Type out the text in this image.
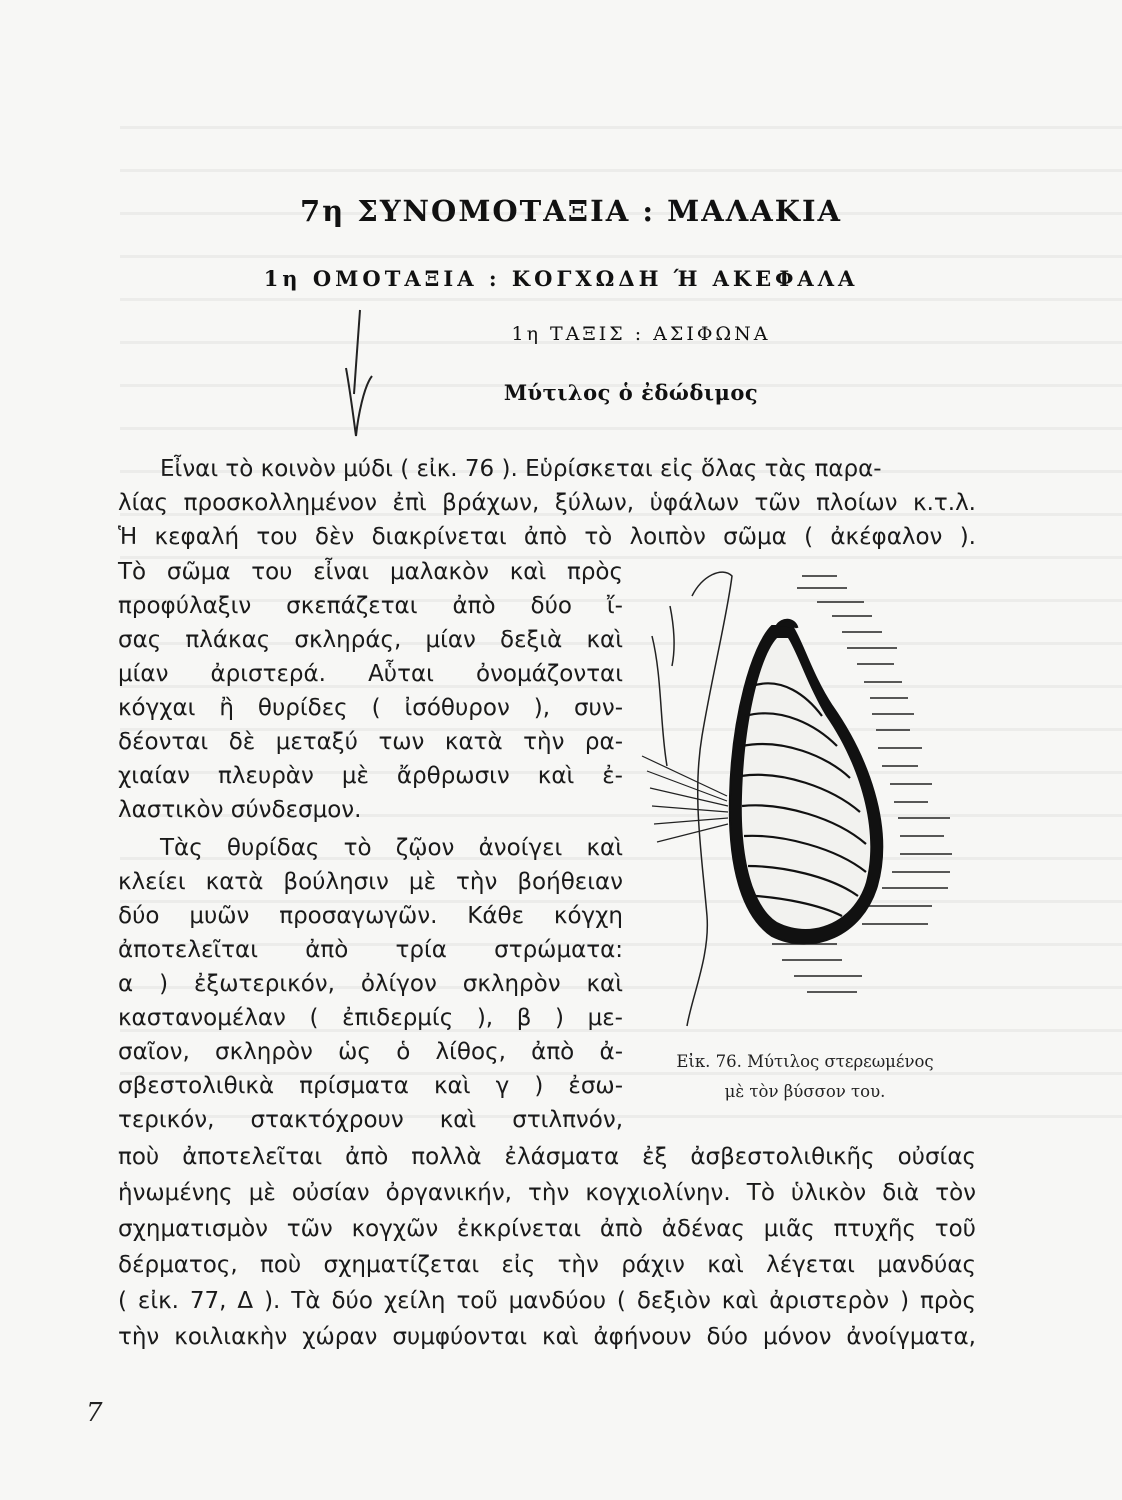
7η ΣΥΝΟΜΟΤΑΞΙΑ : ΜΑΛΑΚΙΑ
1η ΟΜΟΤΑΞΙΑ : ΚΟΓΧΩΔΗ Ή ΑΚΕΦΑΛΑ
1η ΤΑΞΙΣ : ΑΣΙΦΩΝΑ
Μύτιλος ὁ ἐδώδιμος
Εἶναι τὸ κοινὸν μύδι ( εἰκ. 76 ). Εὑρίσκεται εἰς ὅλας τὰς παρα-
λίας προσκολλημένον ἐπὶ βράχων, ξύλων, ὑφάλων τῶν πλοίων κ.τ.λ.
Ἡ κεφαλή του δὲν διακρίνεται ἀπὸ τὸ λοιπὸν σῶμα ( ἀκέφαλον ).
Τὸ σῶμα του εἶναι μαλακὸν καὶ πρὸς
προφύλαξιν σκεπάζεται ἀπὸ δύο ἴ-
σας πλάκας σκληράς, μίαν δεξιὰ καὶ
μίαν ἀριστερά. Αὗται ὀνομάζονται
κόγχαι ἢ θυρίδες ( ἰσόθυρον ), συν-
δέονται δὲ μεταξύ των κατὰ τὴν ρα-
χιαίαν πλευρὰν μὲ ἄρθρωσιν καὶ ἐ-
λαστικὸν σύνδεσμον.
Τὰς θυρίδας τὸ ζῷον ἀνοίγει καὶ
κλείει κατὰ βούλησιν μὲ τὴν βοήθειαν
δύο μυῶν προσαγωγῶν. Κάθε κόγχη
ἀποτελεῖται ἀπὸ τρία στρώματα:
α ) ἐξωτερικόν, ὀλίγον σκληρὸν καὶ
καστανομέλαν ( ἐπιδερμίς ), β ) με-
σαῖον, σκληρὸν ὡς ὁ λίθος, ἀπὸ ἀ-
σβεστολιθικὰ πρίσματα καὶ γ ) ἐσω-
τερικόν, στακτόχρουν καὶ στιλπνόν,
ποὺ ἀποτελεῖται ἀπὸ πολλὰ ἐλάσματα ἐξ ἀσβεστολιθικῆς οὐσίας
ἡνωμένης μὲ οὐσίαν ὀργανικήν, τὴν κογχιολίνην. Τὸ ὑλικὸν διὰ τὸν
σχηματισμὸν τῶν κογχῶν ἐκκρίνεται ἀπὸ ἀδένας μιᾶς πτυχῆς τοῦ
δέρματος, ποὺ σχηματίζεται εἰς τὴν ράχιν καὶ λέγεται μανδύας
( εἰκ. 77, Δ ). Τὰ δύο χείλη τοῦ μανδύου ( δεξιὸν καὶ ἀριστερὸν ) πρὸς
τὴν κοιλιακὴν χώραν συμφύονται καὶ ἀφήνουν δύο μόνον ἀνοίγματα,
Εἰκ. 76. Μύτιλος στερεωμένος
μὲ τὸν βύσσον του.
7
